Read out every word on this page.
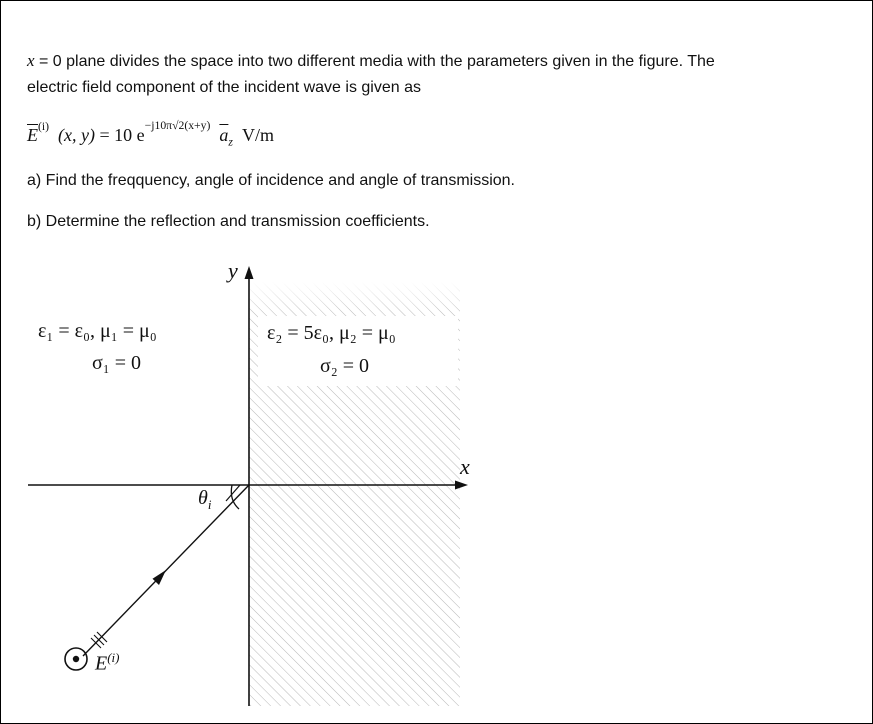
x = 0 plane divides the space into two different media with the parameters given in the figure. The
electric field component of the incident wave is given as
$\overline{E}^{(i)}$ (x, y) = 10 $e^{-j10\pi√2(x+y)}$ $\overline{a}_z$ V/m
a) Find the freqquency, angle of incidence and angle of transmission.
b) Determine the reflection and transmission coefficients.
ε₁ = ε₀, μ₁ = μ₀
σ₁ = 0
ε₂ = 5ε₀, μ₂ = μ₀
σ₂ = 0
y
x
$\theta_i$
$E^{(i)}$
